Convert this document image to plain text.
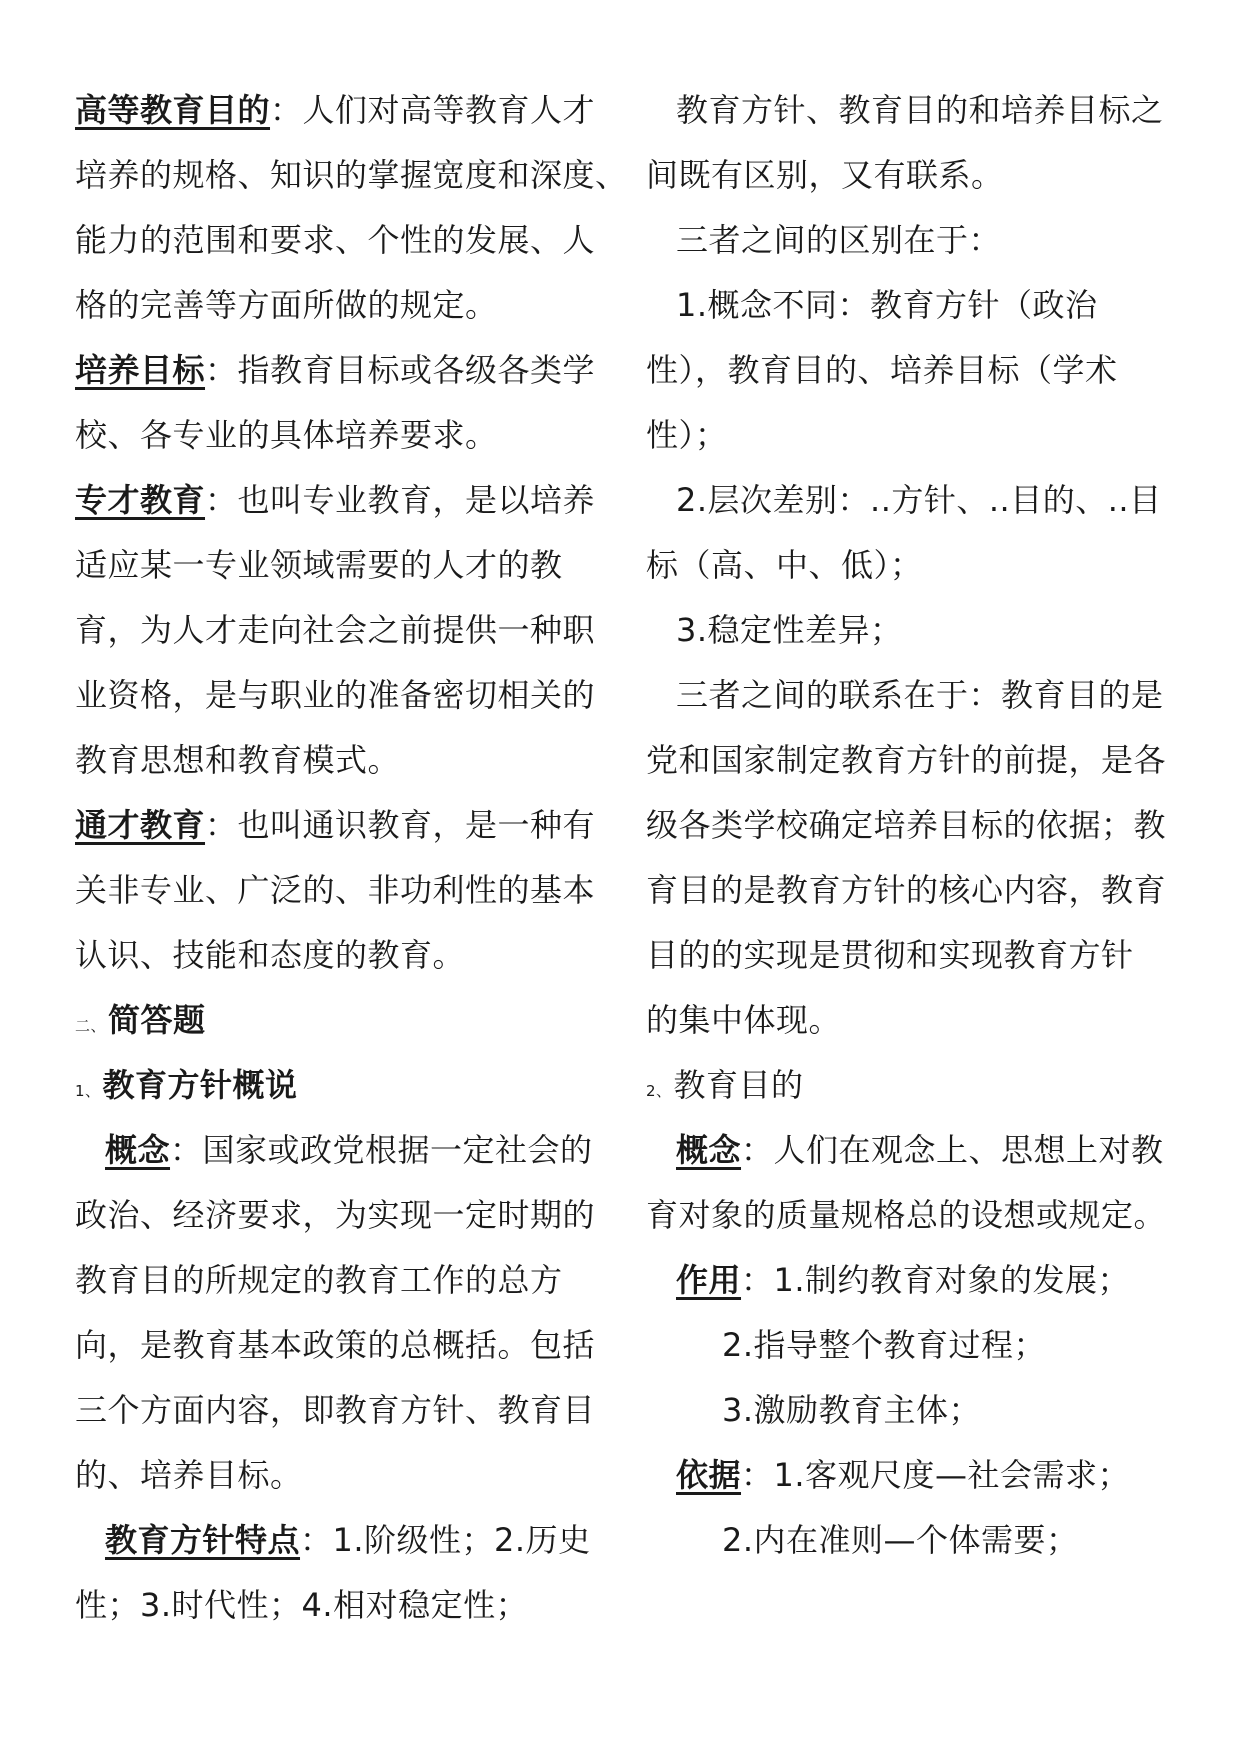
高等教育目的：人们对高等教育人才
培养的规格、知识的掌握宽度和深度、
能力的范围和要求、个性的发展、人
格的完善等方面所做的规定。
培养目标：指教育目标或各级各类学
校、各专业的具体培养要求。
专才教育：也叫专业教育，是以培养
适应某一专业领域需要的人才的教
育，为人才走向社会之前提供一种职
业资格，是与职业的准备密切相关的
教育思想和教育模式。
通才教育：也叫通识教育，是一种有
关非专业、广泛的、非功利性的基本
认识、技能和态度的教育。
二、简答题
1、教育方针概说
概念：国家或政党根据一定社会的
政治、经济要求，为实现一定时期的
教育目的所规定的教育工作的总方
向，是教育基本政策的总概括。包括
三个方面内容，即教育方针、教育目
的、培养目标。
教育方针特点：1.阶级性；2.历史
性；3.时代性；4.相对稳定性；
教育方针、教育目的和培养目标之
间既有区别，又有联系。
三者之间的区别在于：
1.概念不同：教育方针（政治
性），教育目的、培养目标（学术
性）；
2.层次差别：..方针、..目的、..目
标（高、中、低）；
3.稳定性差异；
三者之间的联系在于：教育目的是
党和国家制定教育方针的前提，是各
级各类学校确定培养目标的依据；教
育目的是教育方针的核心内容，教育
目的的实现是贯彻和实现教育方针
的集中体现。
2、教育目的
概念：人们在观念上、思想上对教
育对象的质量规格总的设想或规定。
作用：1.制约教育对象的发展；
2.指导整个教育过程；
3.激励教育主体；
依据：1.客观尺度—社会需求；
2.内在准则—个体需要；
